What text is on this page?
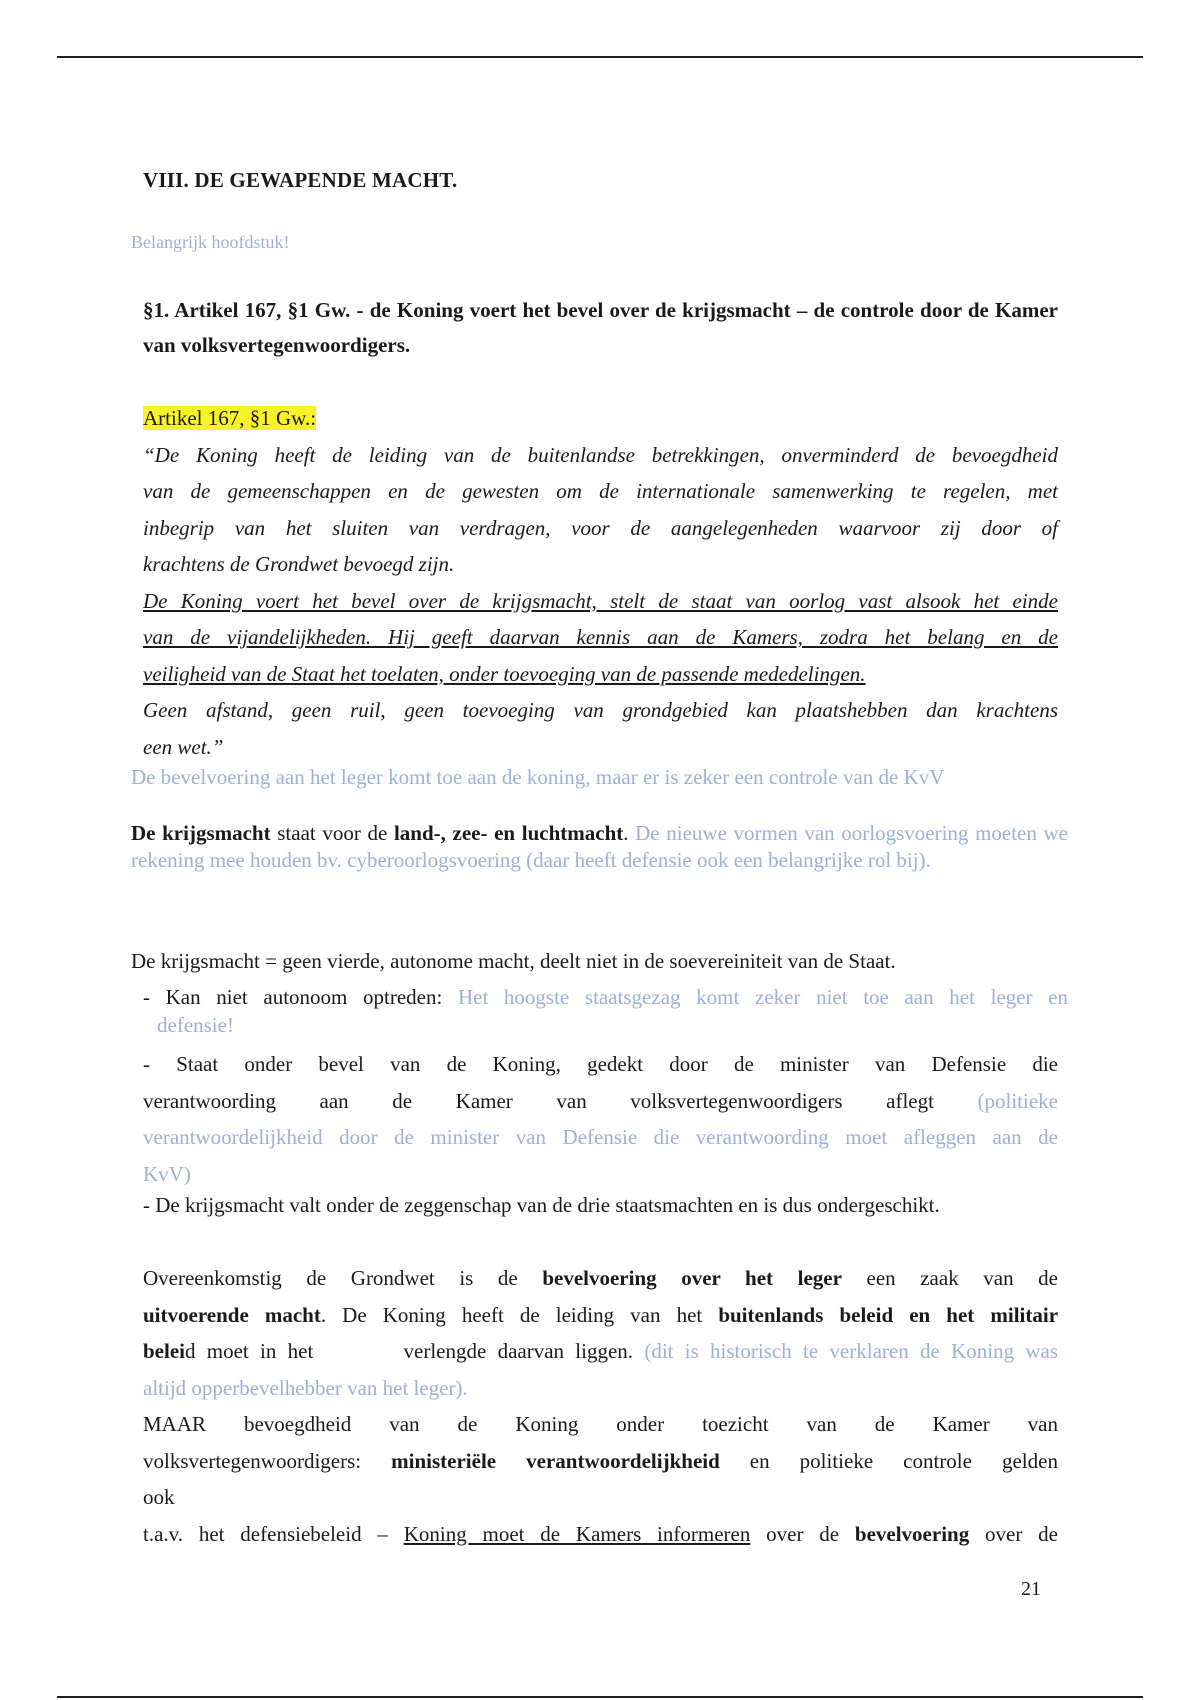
VIII. DE GEWAPENDE MACHT.
Belangrijk hoofdstuk!
§1. Artikel 167, §1 Gw. - de Koning voert het bevel over de krijgsmacht – de controle door de Kamer van volksvertegenwoordigers.
Artikel 167, §1 Gw.:
“De Koning heeft de leiding van de buitenlandse betrekkingen, onverminderd de bevoegdheid
van de gemeenschappen en de gewesten om de internationale samenwerking te regelen, met
inbegrip van het sluiten van verdragen, voor de aangelegenheden waarvoor zij door of
krachtens de Grondwet bevoegd zijn.
De Koning voert het bevel over de krijgsmacht, stelt de staat van oorlog vast alsook het einde
van de vijandelijkheden. Hij geeft daarvan kennis aan de Kamers, zodra het belang en de
veiligheid van de Staat het toelaten, onder toevoeging van de passende mededelingen.
Geen afstand, geen ruil, geen toevoeging van grondgebied kan plaatshebben dan krachtens
een wet.”
De bevelvoering aan het leger komt toe aan de koning, maar er is zeker een controle van de KvV
De krijgsmacht staat voor de land-, zee- en luchtmacht. De nieuwe vormen van oorlogsvoering moeten we rekening mee houden bv. cyberoorlogsvoering (daar heeft defensie ook een belangrijke rol bij).
De krijgsmacht = geen vierde, autonome macht, deelt niet in de soevereiniteit van de Staat.
- Kan niet autonoom optreden: Het hoogste staatsgezag komt zeker niet toe aan het leger en
defensie!
- Staat onder bevel van de Koning, gedekt door de minister van Defensie die
verantwoording aan de Kamer van volksvertegenwoordigers aflegt (politieke
verantwoordelijkheid door de minister van Defensie die verantwoording moet afleggen aan de
KvV)
- De krijgsmacht valt onder de zeggenschap van de drie staatsmachten en is dus ondergeschikt.
Overeenkomstig de Grondwet is de bevelvoering over het leger een zaak van de
uitvoerende macht. De Koning heeft de leiding van het buitenlands beleid en het militair
beleid moet in het        verlengde daarvan liggen. (dit is historisch te verklaren de Koning was
altijd opperbevelhebber van het leger).
MAAR bevoegdheid van de Koning onder toezicht van de Kamer van
volksvertegenwoordigers: ministeriële verantwoordelijkheid en politieke controle gelden
ook
t.a.v. het defensiebeleid – Koning moet de Kamers informeren over de bevelvoering over de
21
